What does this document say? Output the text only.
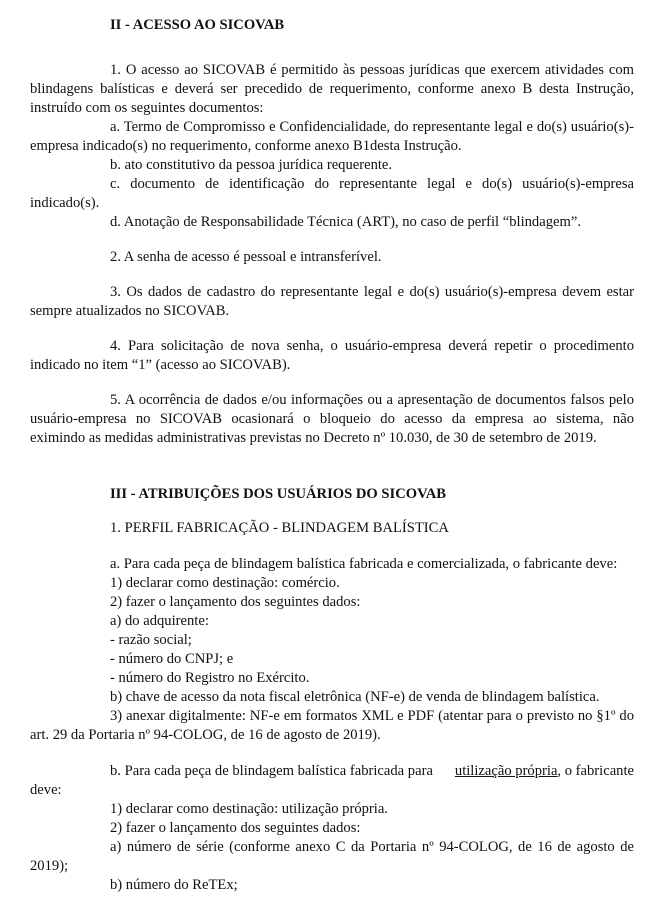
II - ACESSO AO SICOVAB
1. O acesso ao SICOVAB é permitido às pessoas jurídicas que exercem atividades com
blindagens balísticas e deverá ser precedido de requerimento, conforme anexo B desta Instrução,
instruído com os seguintes documentos:
a. Termo de Compromisso e Confidencialidade, do representante legal e do(s) usuário(s)-
empresa indicado(s) no requerimento, conforme anexo B1desta Instrução.
b. ato constitutivo da pessoa jurídica requerente.
c. documento de identificação do representante legal e do(s) usuário(s)-empresa
indicado(s).
d. Anotação de Responsabilidade Técnica (ART), no caso de perfil “blindagem”.
2. A senha de acesso é pessoal e intransferível.
3. Os dados de cadastro do representante legal e do(s) usuário(s)-empresa devem estar
sempre atualizados no SICOVAB.
4. Para solicitação de nova senha, o usuário-empresa deverá repetir o procedimento
indicado no item “1” (acesso ao SICOVAB).
5. A ocorrência de dados e/ou informações ou a apresentação de documentos falsos pelo
usuário-empresa no SICOVAB ocasionará o bloqueio do acesso da empresa ao sistema, não
eximindo as medidas administrativas previstas no Decreto nº 10.030, de 30 de setembro de 2019.
III - ATRIBUIÇÕES DOS USUÁRIOS DO SICOVAB
1. PERFIL FABRICAÇÃO - BLINDAGEM BALÍSTICA
a. Para cada peça de blindagem balística fabricada e comercializada, o fabricante deve:
1) declarar como destinação: comércio.
2) fazer o lançamento dos seguintes dados:
a) do adquirente:
- razão social;
- número do CNPJ; e
- número do Registro no Exército.
b) chave de acesso da nota fiscal eletrônica (NF-e) de venda de blindagem balística.
3) anexar digitalmente: NF-e em formatos XML e PDF (atentar para o previsto no §1º do
art. 29 da Portaria nº 94-COLOG, de 16 de agosto de 2019).
b. Para cada peça de blindagem balística fabricada para utilização própria, o fabricante
deve:
1) declarar como destinação: utilização própria.
2) fazer o lançamento dos seguintes dados:
a) número de série (conforme anexo C da Portaria nº 94-COLOG, de 16 de agosto de
2019);
b) número do ReTEx;
